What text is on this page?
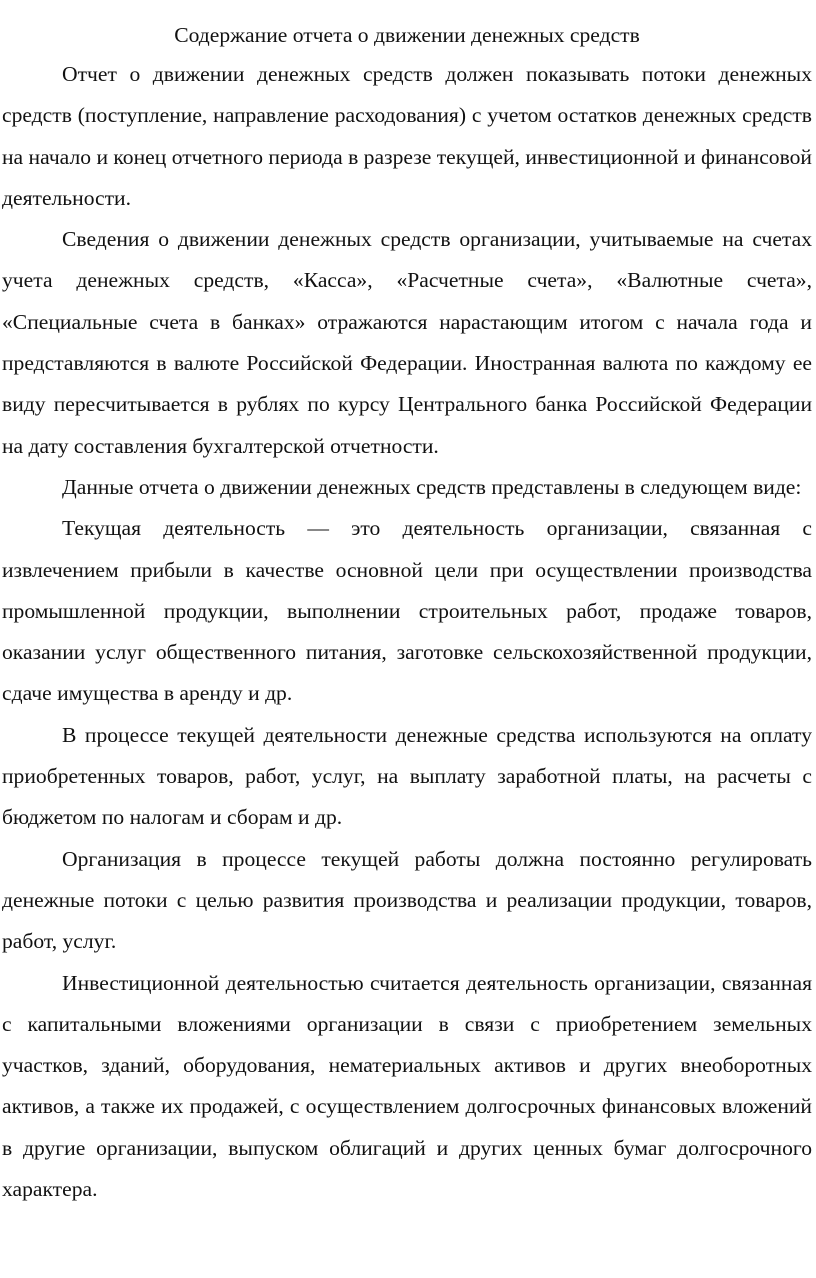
Содержание отчета о движении денежных средств

Отчет о движении денежных средств должен показывать потоки денежных средств (поступление, направление расходования) с учетом остатков денежных средств на начало и конец отчетного периода в разрезе текущей, инвестиционной и финансовой деятельности.

Сведения о движении денежных средств организации, учитываемые на счетах учета денежных средств, «Касса», «Расчетные счета», «Валютные счета», «Специальные счета в банках» отражаются нарастающим итогом с начала года и представляются в валюте Российской Федерации. Иностранная валюта по каждому ее виду пересчитывается в рублях по курсу Центрального банка Российской Федерации на дату составления бухгалтерской отчетности.

Данные отчета о движении денежных средств представлены в следующем виде:

Текущая деятельность — это деятельность организации, связанная с извлечением прибыли в качестве основной цели при осуществлении производства промышленной продукции, выполнении строительных работ, продаже товаров, оказании услуг общественного питания, заготовке сельскохозяйственной продукции, сдаче имущества в аренду и др.

В процессе текущей деятельности денежные средства используются на оплату приобретенных товаров, работ, услуг, на выплату заработной платы, на расчеты с бюджетом по налогам и сборам и др.

Организация в процессе текущей работы должна постоянно регулировать денежные потоки с целью развития производства и реализации продукции, товаров, работ, услуг.

Инвестиционной деятельностью считается деятельность организации, связанная с капитальными вложениями организации в связи с приобретением земельных участков, зданий, оборудования, нематериальных активов и других внеоборотных активов, а также их продажей, с осуществлением долгосрочных финансовых вложений в другие организации, выпуском облигаций и других ценных бумаг долгосрочного характера.
